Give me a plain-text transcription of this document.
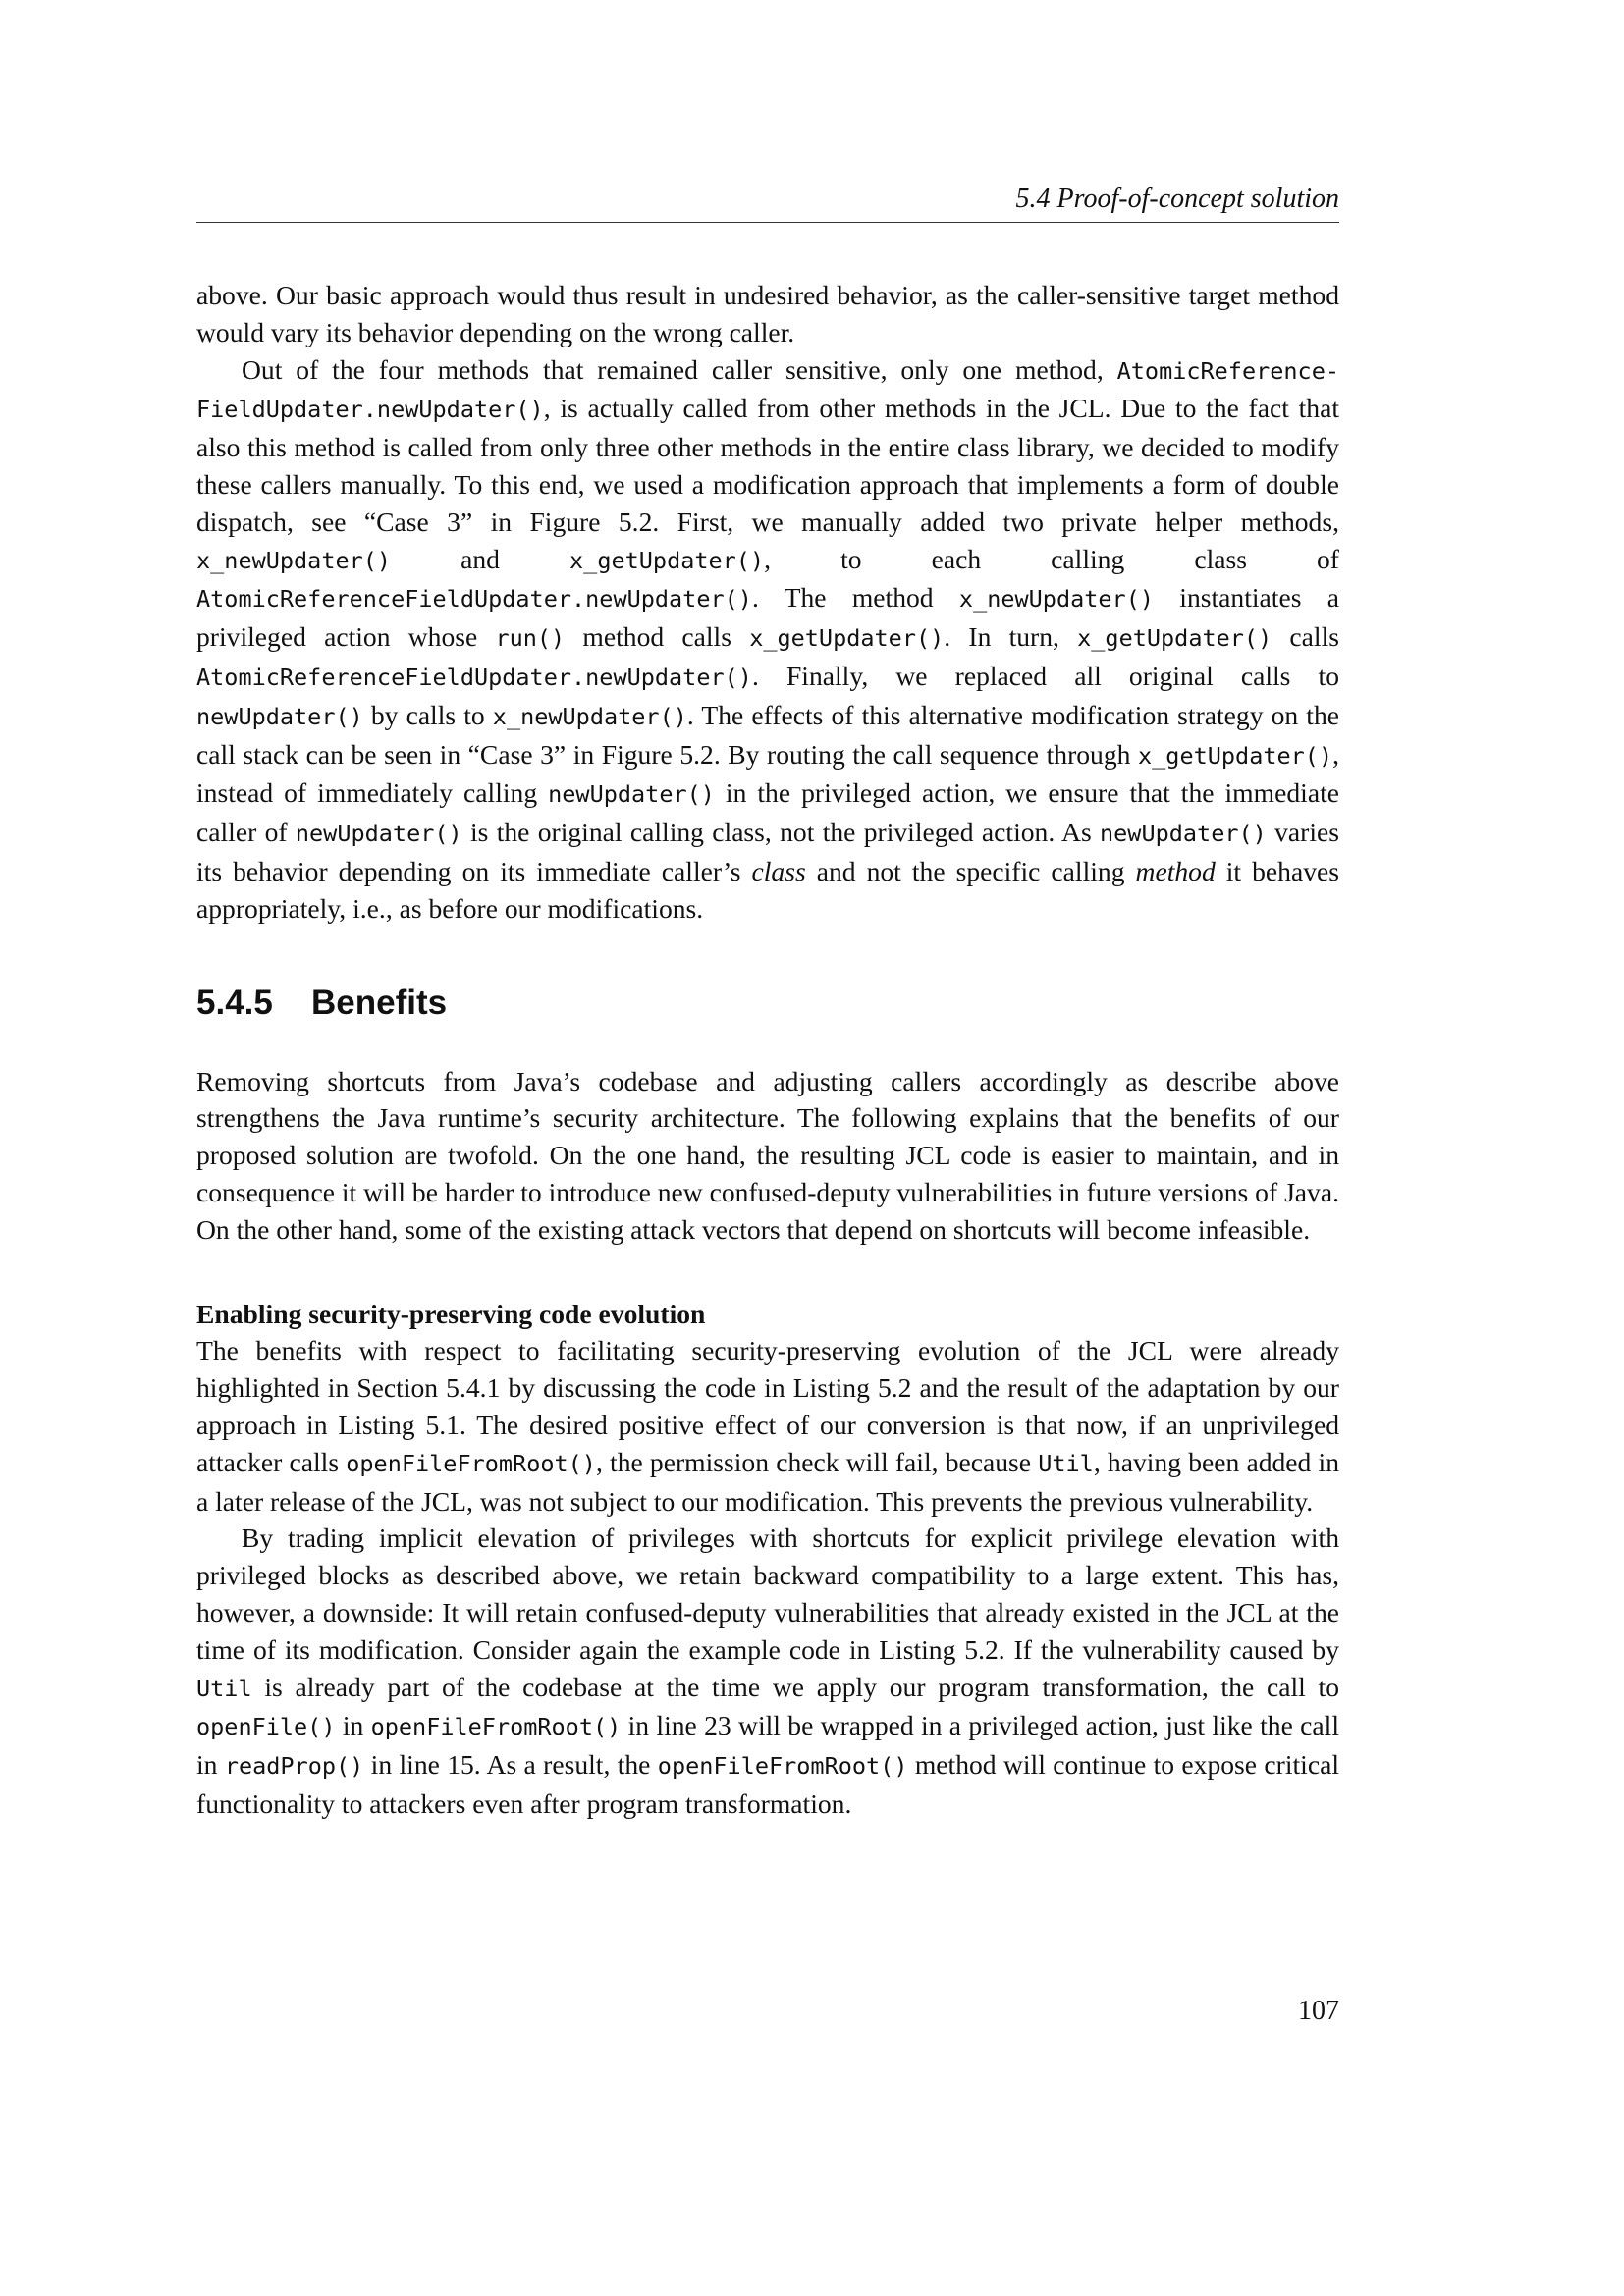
5.4 Proof-of-concept solution

above. Our basic approach would thus result in undesired behavior, as the caller-sensitive target method would vary its behavior depending on the wrong caller.

Out of the four methods that remained caller sensitive, only one method, AtomicReference-FieldUpdater.newUpdater(), is actually called from other methods in the JCL. Due to the fact that also this method is called from only three other methods in the entire class library, we decided to modify these callers manually. To this end, we used a modification approach that implements a form of double dispatch, see “Case 3” in Figure 5.2. First, we manually added two private helper methods, x_newUpdater() and x_getUpdater(), to each calling class of AtomicReferenceFieldUpdater.newUpdater(). The method x_newUpdater() instantiates a privileged action whose run() method calls x_getUpdater(). In turn, x_getUpdater() calls AtomicReferenceFieldUpdater.newUpdater(). Finally, we replaced all original calls to newUpdater() by calls to x_newUpdater(). The effects of this alternative modification strategy on the call stack can be seen in “Case 3” in Figure 5.2. By routing the call sequence through x_getUpdater(), instead of immediately calling newUpdater() in the privileged action, we ensure that the immediate caller of newUpdater() is the original calling class, not the privileged action. As newUpdater() varies its behavior depending on its immediate caller’s class and not the specific calling method it behaves appropriately, i.e., as before our modifications.

5.4.5 Benefits

Removing shortcuts from Java’s codebase and adjusting callers accordingly as describe above strengthens the Java runtime’s security architecture. The following explains that the benefits of our proposed solution are twofold. On the one hand, the resulting JCL code is easier to maintain, and in consequence it will be harder to introduce new confused-deputy vulnerabilities in future versions of Java. On the other hand, some of the existing attack vectors that depend on shortcuts will become infeasible.

Enabling security-preserving code evolution

The benefits with respect to facilitating security-preserving evolution of the JCL were already highlighted in Section 5.4.1 by discussing the code in Listing 5.2 and the result of the adaptation by our approach in Listing 5.1. The desired positive effect of our conversion is that now, if an unprivileged attacker calls openFileFromRoot(), the permission check will fail, because Util, having been added in a later release of the JCL, was not subject to our modification. This prevents the previous vulnerability.

By trading implicit elevation of privileges with shortcuts for explicit privilege elevation with privileged blocks as described above, we retain backward compatibility to a large extent. This has, however, a downside: It will retain confused-deputy vulnerabilities that already existed in the JCL at the time of its modification. Consider again the example code in Listing 5.2. If the vulnerability caused by Util is already part of the codebase at the time we apply our program transformation, the call to openFile() in openFileFromRoot() in line 23 will be wrapped in a privileged action, just like the call in readProp() in line 15. As a result, the openFileFromRoot() method will continue to expose critical functionality to attackers even after program transformation.

107
